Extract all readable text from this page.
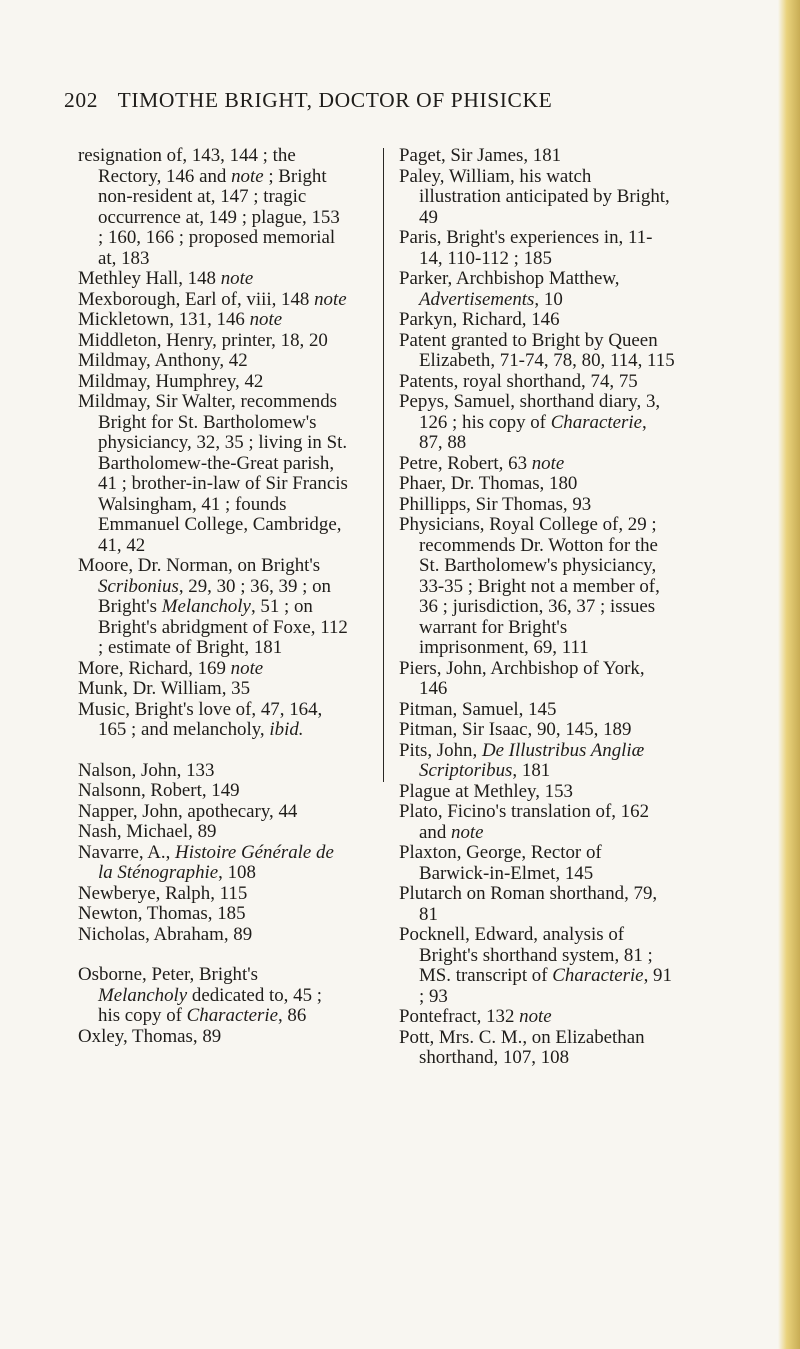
202 TIMOTHE BRIGHT, DOCTOR OF PHISICKE

resignation of, 143, 144 ; the Rectory, 146 and note ; Bright non-resident at, 147 ; tragic occurrence at, 149 ; plague, 153 ; 160, 166 ; proposed memorial at, 183

Methley Hall, 148 note

Mexborough, Earl of, viii, 148 note

Mickletown, 131, 146 note

Middleton, Henry, printer, 18, 20

Mildmay, Anthony, 42

Mildmay, Humphrey, 42

Mildmay, Sir Walter, recommends Bright for St. Bartholomew's physiciancy, 32, 35 ; living in St. Bartholomew-the-Great parish, 41 ; brother-in-law of Sir Francis Walsingham, 41 ; founds Emmanuel College, Cambridge, 41, 42

Moore, Dr. Norman, on Bright's Scribonius, 29, 30 ; 36, 39 ; on Bright's Melancholy, 51 ; on Bright's abridgment of Foxe, 112 ; estimate of Bright, 181

More, Richard, 169 note

Munk, Dr. William, 35

Music, Bright's love of, 47, 164, 165 ; and melancholy, ibid.

Nalson, John, 133

Nalsonn, Robert, 149

Napper, John, apothecary, 44

Nash, Michael, 89

Navarre, A., Histoire Générale de la Sténographie, 108

Newberye, Ralph, 115

Newton, Thomas, 185

Nicholas, Abraham, 89

Osborne, Peter, Bright's Melancholy dedicated to, 45 ; his copy of Characterie, 86

Oxley, Thomas, 89

Paget, Sir James, 181

Paley, William, his watch illustration anticipated by Bright, 49

Paris, Bright's experiences in, 11-14, 110-112 ; 185

Parker, Archbishop Matthew, Advertisements, 10

Parkyn, Richard, 146

Patent granted to Bright by Queen Elizabeth, 71-74, 78, 80, 114, 115

Patents, royal shorthand, 74, 75

Pepys, Samuel, shorthand diary, 3, 126 ; his copy of Characterie, 87, 88

Petre, Robert, 63 note

Phaer, Dr. Thomas, 180

Phillipps, Sir Thomas, 93

Physicians, Royal College of, 29 ; recommends Dr. Wotton for the St. Bartholomew's physiciancy, 33-35 ; Bright not a member of, 36 ; jurisdiction, 36, 37 ; issues warrant for Bright's imprisonment, 69, 111

Piers, John, Archbishop of York, 146

Pitman, Samuel, 145

Pitman, Sir Isaac, 90, 145, 189

Pits, John, De Illustribus Angliæ Scriptoribus, 181

Plague at Methley, 153

Plato, Ficino's translation of, 162 and note

Plaxton, George, Rector of Barwick-in-Elmet, 145

Plutarch on Roman shorthand, 79, 81

Pocknell, Edward, analysis of Bright's shorthand system, 81 ; MS. transcript of Characterie, 91 ; 93

Pontefract, 132 note

Pott, Mrs. C. M., on Elizabethan shorthand, 107, 108
